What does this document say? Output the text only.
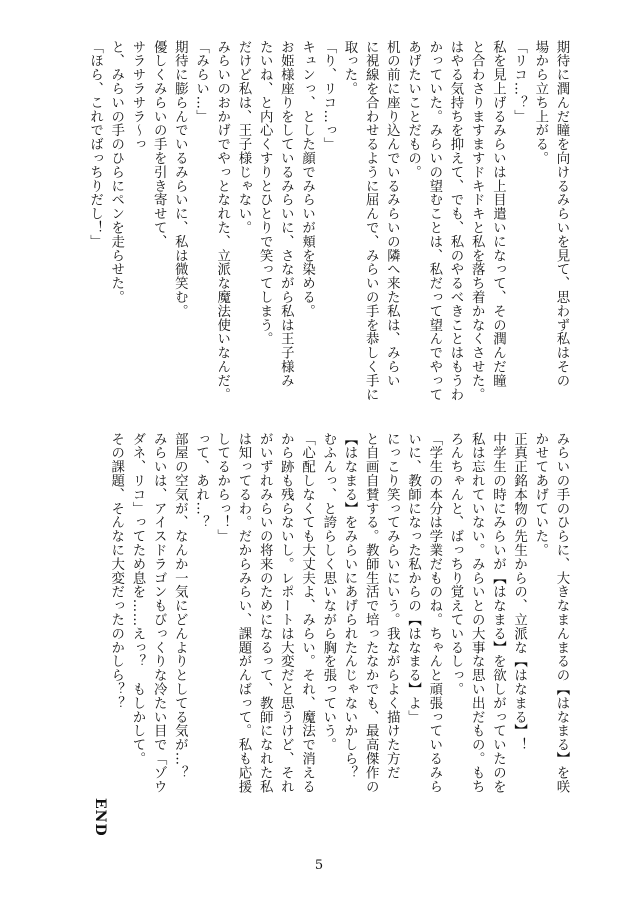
期待に潤んだ瞳を向けるみらいを見て、思わず私はその
場から立ち上がる。
「リコ…？」
私を見上げるみらいは上目遣いになって、その潤んだ瞳
と合わさりますますドキドキと私を落ち着かなくさせた。
はやる気持ちを抑えて、でも、私のやるべきことはもうわ
かっていた。みらいの望むことは、私だって望んでやって
あげたいことだもの。
机の前に座り込んでいるみらいの隣へ来た私は、みらい
に視線を合わせるように屈んで、みらいの手を恭しく手に
取った。
「り、リコ…っ」
キュンっ、とした顔でみらいが頬を染める。
お姫様座りをしているみらいに、さながら私は王子様み
たいね、と内心くすりとひとりで笑ってしまう。
だけど私は、王子様じゃない。
みらいのおかげでやっとなれた、立派な魔法使いなんだ。
「みらい…」
期待に膨らんでいるみらいに、私は微笑む。
優しくみらいの手を引き寄せて、
サラサラサラ～っ
と、みらいの手のひらにペンを走らせた。
「ほら、これでばっちりだし！」
みらいの手のひらに、大きなまんまるの【はなまる】を咲
かせてあげていた。
正真正銘本物の先生からの、立派な【はなまる】！
中学生の時にみらいが【はなまる】を欲しがっていたのを
私は忘れていない。みらいとの大事な思い出だもの。もち
ろんちゃんと、ばっちり覚えているしっ。
「学生の本分は学業だものね。ちゃんと頑張っているみら
いに、教師になった私からの【はなまる】よ」
にっこり笑ってみらいにいう。我ながらよく描けた方だ
と自画自賛する。教師生活で培ったなかでも、最高傑作の
【はなまる】をみらいにあげられたんじゃないかしら？
むふんっ、と誇らしく思いながら胸を張っていう。
「心配しなくても大丈夫よ、みらい。それ、魔法で消える
から跡も残らないし。レポートは大変だと思うけど、それ
がいずれみらいの将来のためになるって、教師になれた私
は知ってるわ。だからみらい、課題がんばって。私も応援
してるからっ！」
って、あれ…？
部屋の空気が、なんか一気にどんよりとしてる気が…？
みらいは、アイスドラゴンもびっくりな冷たい目で「ゾウ
ダネ、リコ」ってため息を……えっ？　もしかして。
その課題、そんなに大変だったのかしら？？
END
5
